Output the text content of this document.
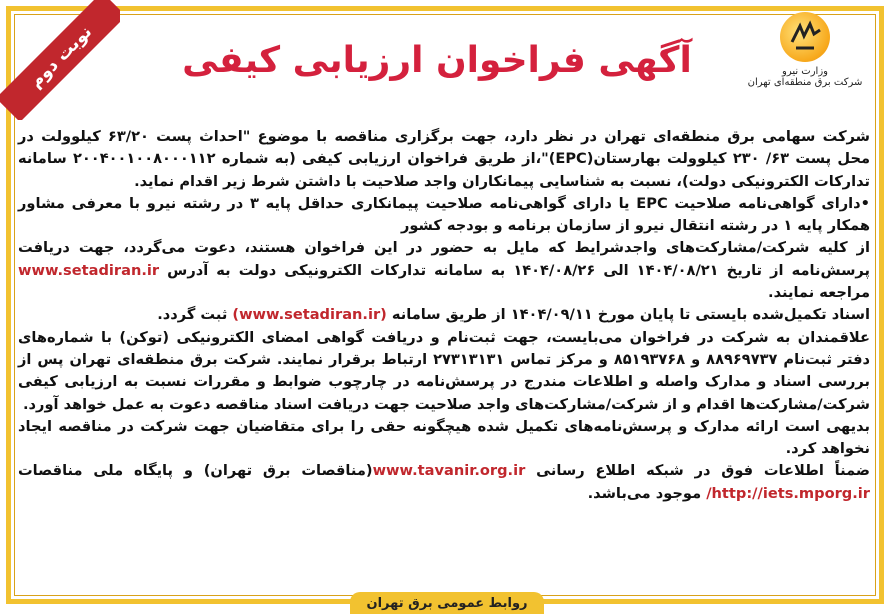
نوبت دوم	وزارت نیرو
شرکت برق منطقه‌ای تهران
آگهی فراخوان ارزیابی کیفی

شرکت سهامی برق منطقه‌ای تهران در نظر دارد، جهت برگزاری مناقصه با موضوع "احداث پست ۶۳/۲۰ کیلوولت در محل پست ۶۳/ ۲۳۰ کیلوولت بهارستان(EPC)"،از طریق فراخوان ارزیابی کیفی (به شماره ۲۰۰۴۰۰۱۰۰۸۰۰۰۱۱۲ سامانه تدارکات الکترونیکی دولت)، نسبت به شناسایی پیمانکاران واجد صلاحیت با داشتن شرط زیر اقدام نماید.

•دارای گواهی‌نامه صلاحیت EPC یا دارای گواهی‌نامه صلاحیت پیمانکاری حداقل پایه ۳ در رشته نیرو با معرفی مشاور همکار پایه ۱ در رشته انتقال نیرو از سازمان برنامه و بودجه کشور

از کلیه شرکت/مشارکت‌های واجدشرایط که مایل به حضور در این فراخوان هستند، دعوت می‌گردد، جهت دریافت پرسش‌نامه از تاریخ ۱۴۰۴/۰۸/۲۱ الی ۱۴۰۴/۰۸/۲۶ به سامانه تدارکات الکترونیکی دولت به آدرس www.setadiran.ir مراجعه نمایند.

اسناد تکمیل‌شده بایستی تا پایان مورخ ۱۴۰۴/۰۹/۱۱ از طریق سامانه (www.setadiran.ir) ثبت گردد.

علاقمندان به شرکت در فراخوان می‌بایست، جهت ثبت‌نام و دریافت گواهی امضای الکترونیکی (توکن) با شماره‌های دفتر ثبت‌نام ۸۸۹۶۹۷۳۷ و ۸۵۱۹۳۷۶۸ و مرکز تماس ۲۷۳۱۳۱۳۱ ارتباط برقرار نمایند. شرکت برق منطقه‌ای تهران پس از بررسی اسناد و مدارک واصله و اطلاعات مندرج در پرسش‌نامه در چارچوب ضوابط و مقررات نسبت به ارزیابی کیفی شرکت/مشارکت‌ها اقدام و از شرکت/مشارکت‌های واجد صلاحیت جهت دریافت اسناد مناقصه دعوت به عمل خواهد آورد.

بدیهی است ارائه مدارک و پرسش‌نامه‌های تکمیل شده هیچگونه حقی را برای متقاضیان جهت شرکت در مناقصه ایجاد نخواهد کرد.

ضمناً اطلاعات فوق در شبکه اطلاع رسانی www.tavanir.org.ir(مناقصات برق تهران) و پایگاه ملی مناقصات http://iets.mporg.ir/ موجود می‌باشد.

روابط عمومی برق تهران
